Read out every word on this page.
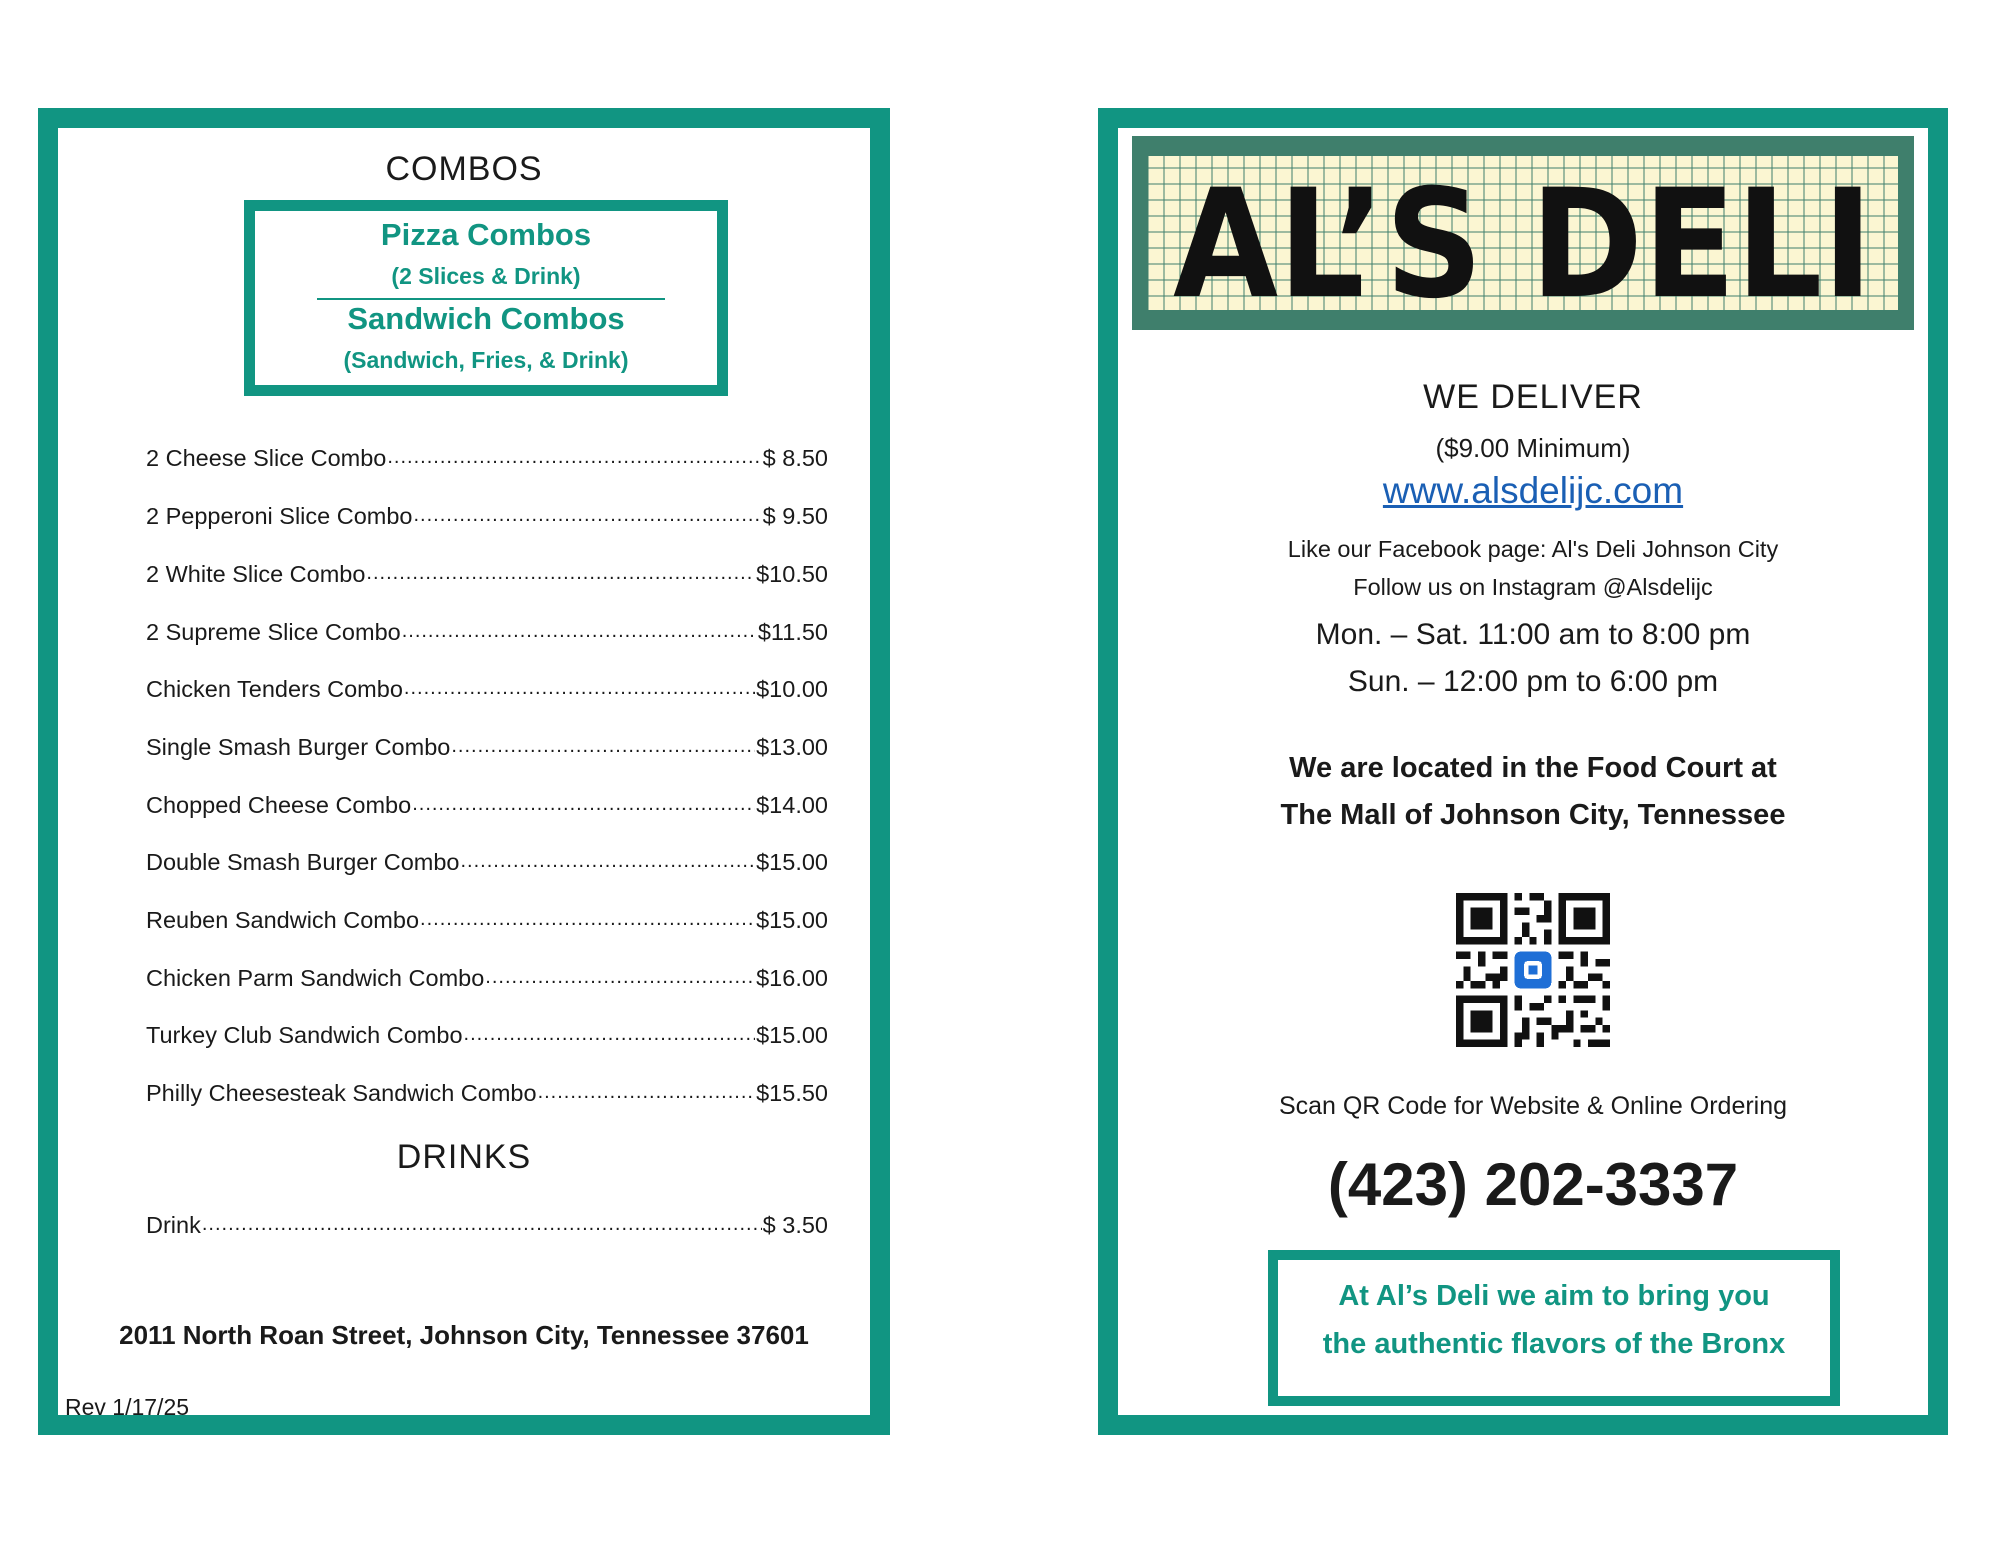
COMBOS
Pizza Combos
(2 Slices & Drink)
Sandwich Combos
(Sandwich, Fries, & Drink)
2 Cheese Slice Combo .....	$ 8.50
2 Pepperoni Slice Combo .....	$ 9.50
2 White Slice Combo .....	$10.50
2 Supreme Slice Combo .....	$11.50
Chicken Tenders Combo .....	$10.00
Single Smash Burger Combo .....	$13.00
Chopped Cheese Combo .....	$14.00
Double Smash Burger Combo .....	$15.00
Reuben Sandwich Combo .....	$15.00
Chicken Parm Sandwich Combo .....	$16.00
Turkey Club Sandwich Combo .....	$15.00
Philly Cheesesteak Sandwich Combo .....	$15.50
DRINKS
Drink .....	$ 3.50
2011 North Roan Street, Johnson City, Tennessee 37601
Rev 1/17/25
AL’S DELI
WE DELIVER
($9.00 Minimum)
www.alsdelijc.com
Like our Facebook page: Al's Deli Johnson City
Follow us on Instagram @Alsdelijc
Mon. – Sat. 11:00 am to 8:00 pm
Sun. – 12:00 pm to 6:00 pm
We are located in the Food Court at
The Mall of Johnson City, Tennessee
Scan QR Code for Website & Online Ordering
(423) 202-3337
At Al’s Deli we aim to bring you
the authentic flavors of the Bronx
